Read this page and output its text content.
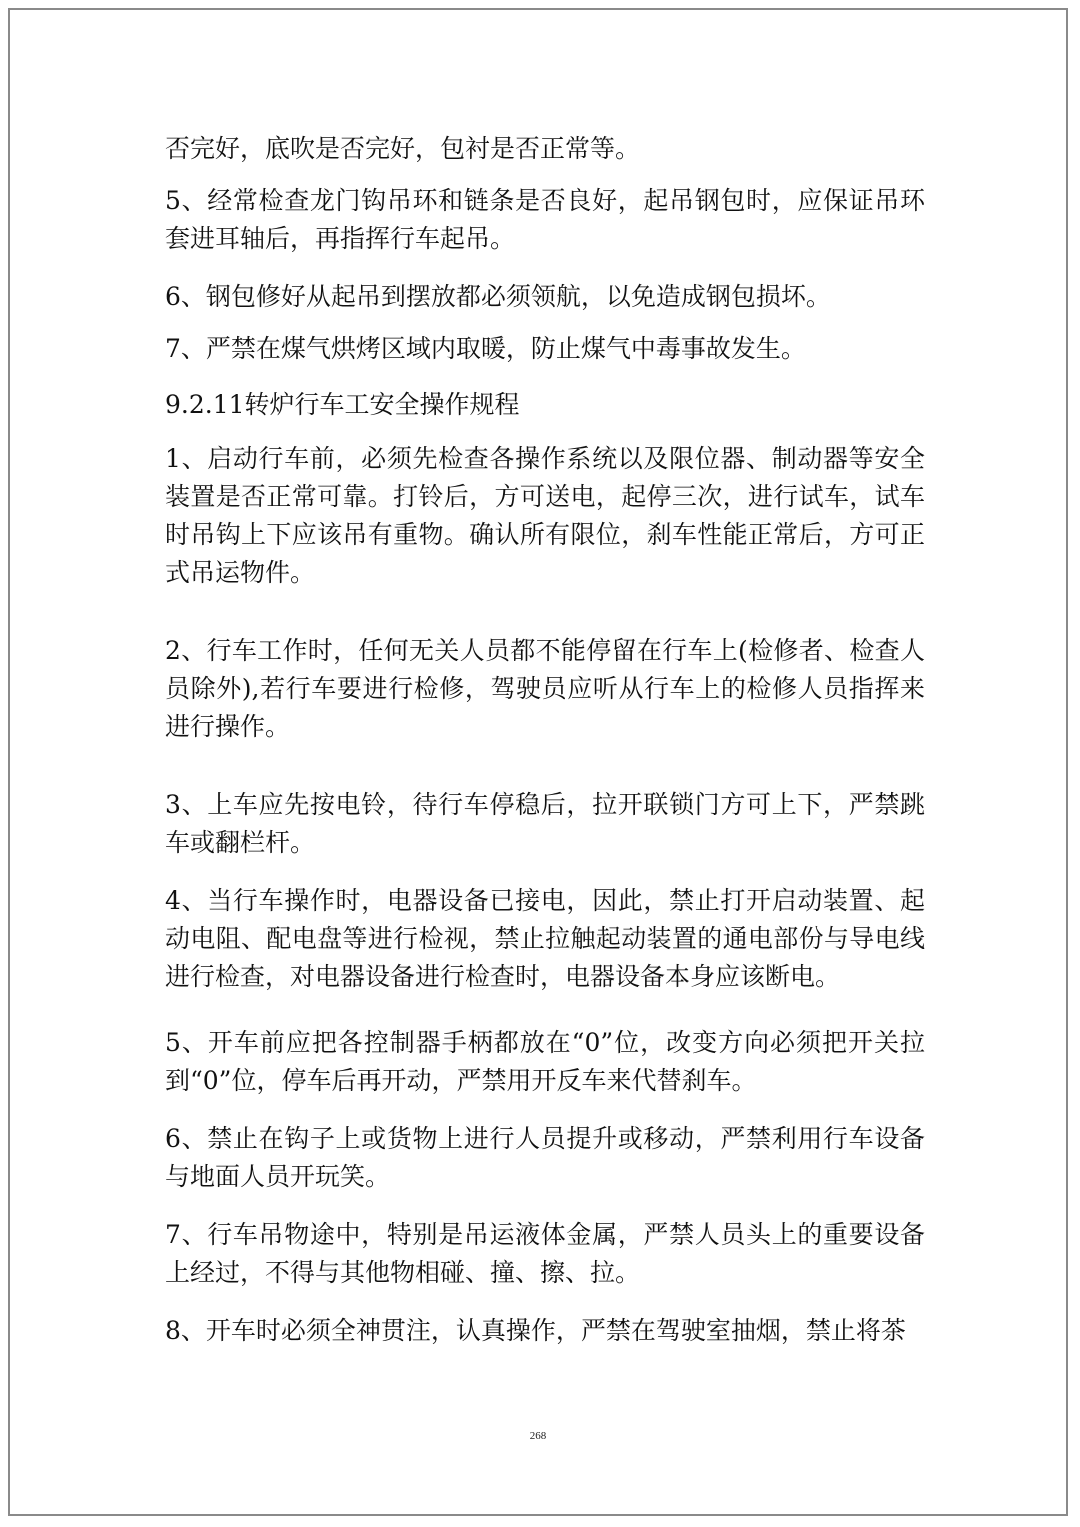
否完好，底吹是否完好，包衬是否正常等。

5、经常检查龙门钩吊环和链条是否良好，起吊钢包时，应保证吊环套进耳轴后，再指挥行车起吊。

6、钢包修好从起吊到摆放都必须领航，以免造成钢包损坏。

7、严禁在煤气烘烤区域内取暖，防止煤气中毒事故发生。

9.2.11转炉行车工安全操作规程

1、启动行车前，必须先检查各操作系统以及限位器、制动器等安全装置是否正常可靠。打铃后，方可送电，起停三次，进行试车，试车时吊钩上下应该吊有重物。确认所有限位，刹车性能正常后，方可正式吊运物件。

2、行车工作时，任何无关人员都不能停留在行车上(检修者、检查人员除外),若行车要进行检修，驾驶员应听从行车上的检修人员指挥来进行操作。

3、上车应先按电铃，待行车停稳后，拉开联锁门方可上下，严禁跳车或翻栏杆。

4、当行车操作时，电器设备已接电，因此，禁止打开启动装置、起动电阻、配电盘等进行检视，禁止拉触起动装置的通电部份与导电线进行检查，对电器设备进行检查时，电器设备本身应该断电。

5、开车前应把各控制器手柄都放在“0”位，改变方向必须把开关拉到“0”位，停车后再开动，严禁用开反车来代替刹车。

6、禁止在钩子上或货物上进行人员提升或移动，严禁利用行车设备与地面人员开玩笑。

7、行车吊物途中，特别是吊运液体金属，严禁人员头上的重要设备上经过，不得与其他物相碰、撞、擦、拉。

8、开车时必须全神贯注，认真操作，严禁在驾驶室抽烟，禁止将茶

268
